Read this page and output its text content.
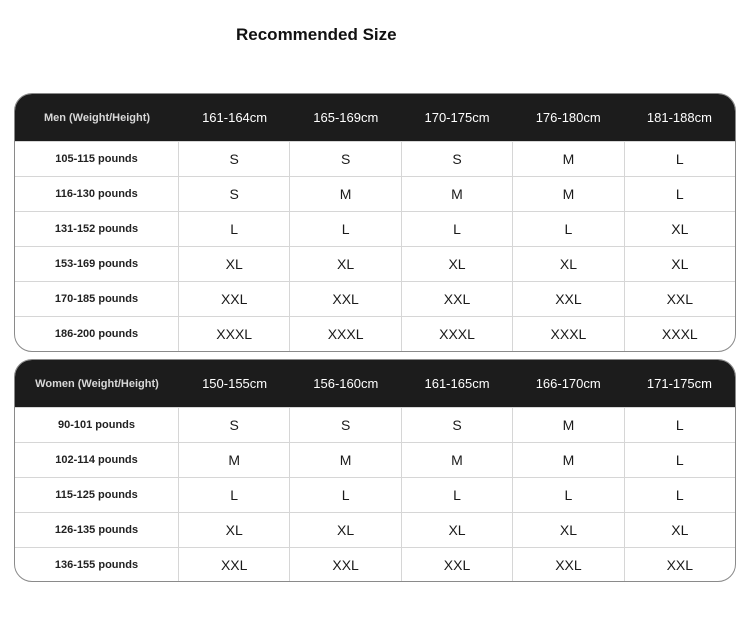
Recommended Size
Men (Weight/Height)	161-164cm	165-169cm	170-175cm	176-180cm	181-188cm
105-115 pounds	S	S	S	M	L
116-130 pounds	S	M	M	M	L
131-152 pounds	L	L	L	L	XL
153-169 pounds	XL	XL	XL	XL	XL
170-185 pounds	XXL	XXL	XXL	XXL	XXL
186-200 pounds	XXXL	XXXL	XXXL	XXXL	XXXL
Women (Weight/Height)	150-155cm	156-160cm	161-165cm	166-170cm	171-175cm
90-101 pounds	S	S	S	M	L
102-114 pounds	M	M	M	M	L
115-125 pounds	L	L	L	L	L
126-135 pounds	XL	XL	XL	XL	XL
136-155 pounds	XXL	XXL	XXL	XXL	XXL
